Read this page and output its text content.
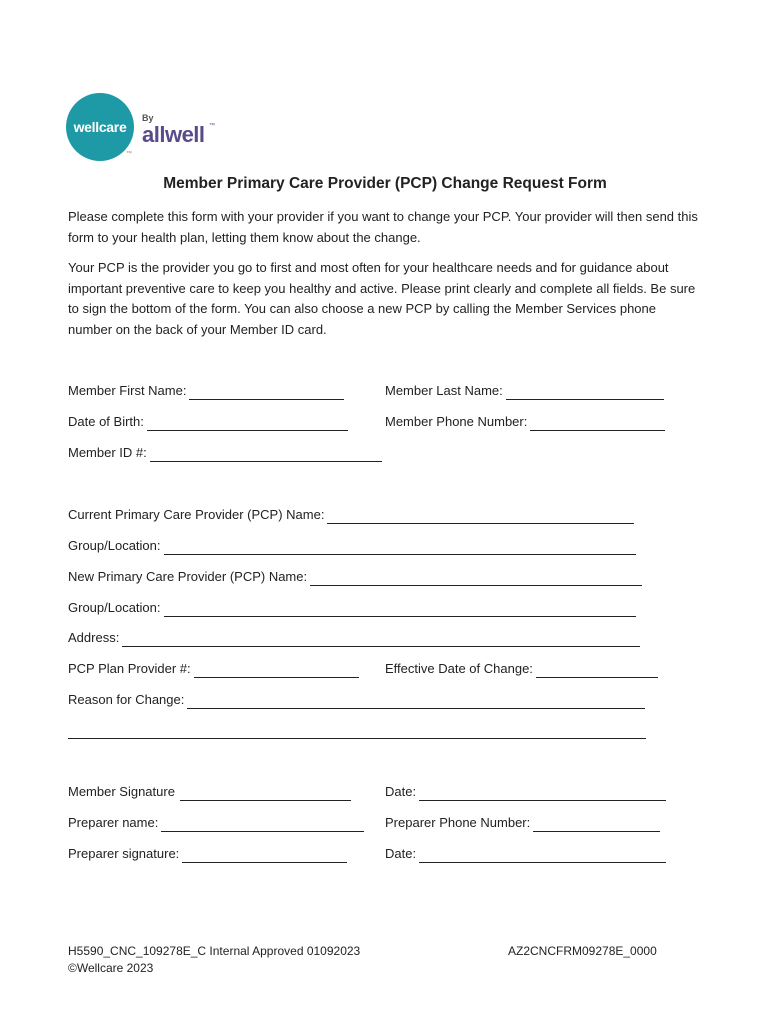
wellcare
™
By
allwell ™
Member Primary Care Provider (PCP) Change Request Form
Please complete this form with your provider if you want to change your PCP. Your provider will then send this form to your health plan, letting them know about the change.
Your PCP is the provider you go to first and most often for your healthcare needs and for guidance about important preventive care to keep you healthy and active. Please print clearly and complete all fields. Be sure to sign the bottom of the form. You can also choose a new PCP by calling the Member Services phone number on the back of your Member ID card.
Member First Name:	Member Last Name:
Date of Birth:	Member Phone Number:
Member ID #:
Current Primary Care Provider (PCP) Name:
Group/Location:
New Primary Care Provider (PCP) Name:
Group/Location:
Address:
PCP Plan Provider #:	Effective Date of Change:
Reason for Change:
Member Signature	Date:
Preparer name:	Preparer Phone Number:
Preparer signature:	Date:
H5590_CNC_109278E_C Internal Approved 01092023
©Wellcare 2023
AZ2CNCFRM09278E_0000
